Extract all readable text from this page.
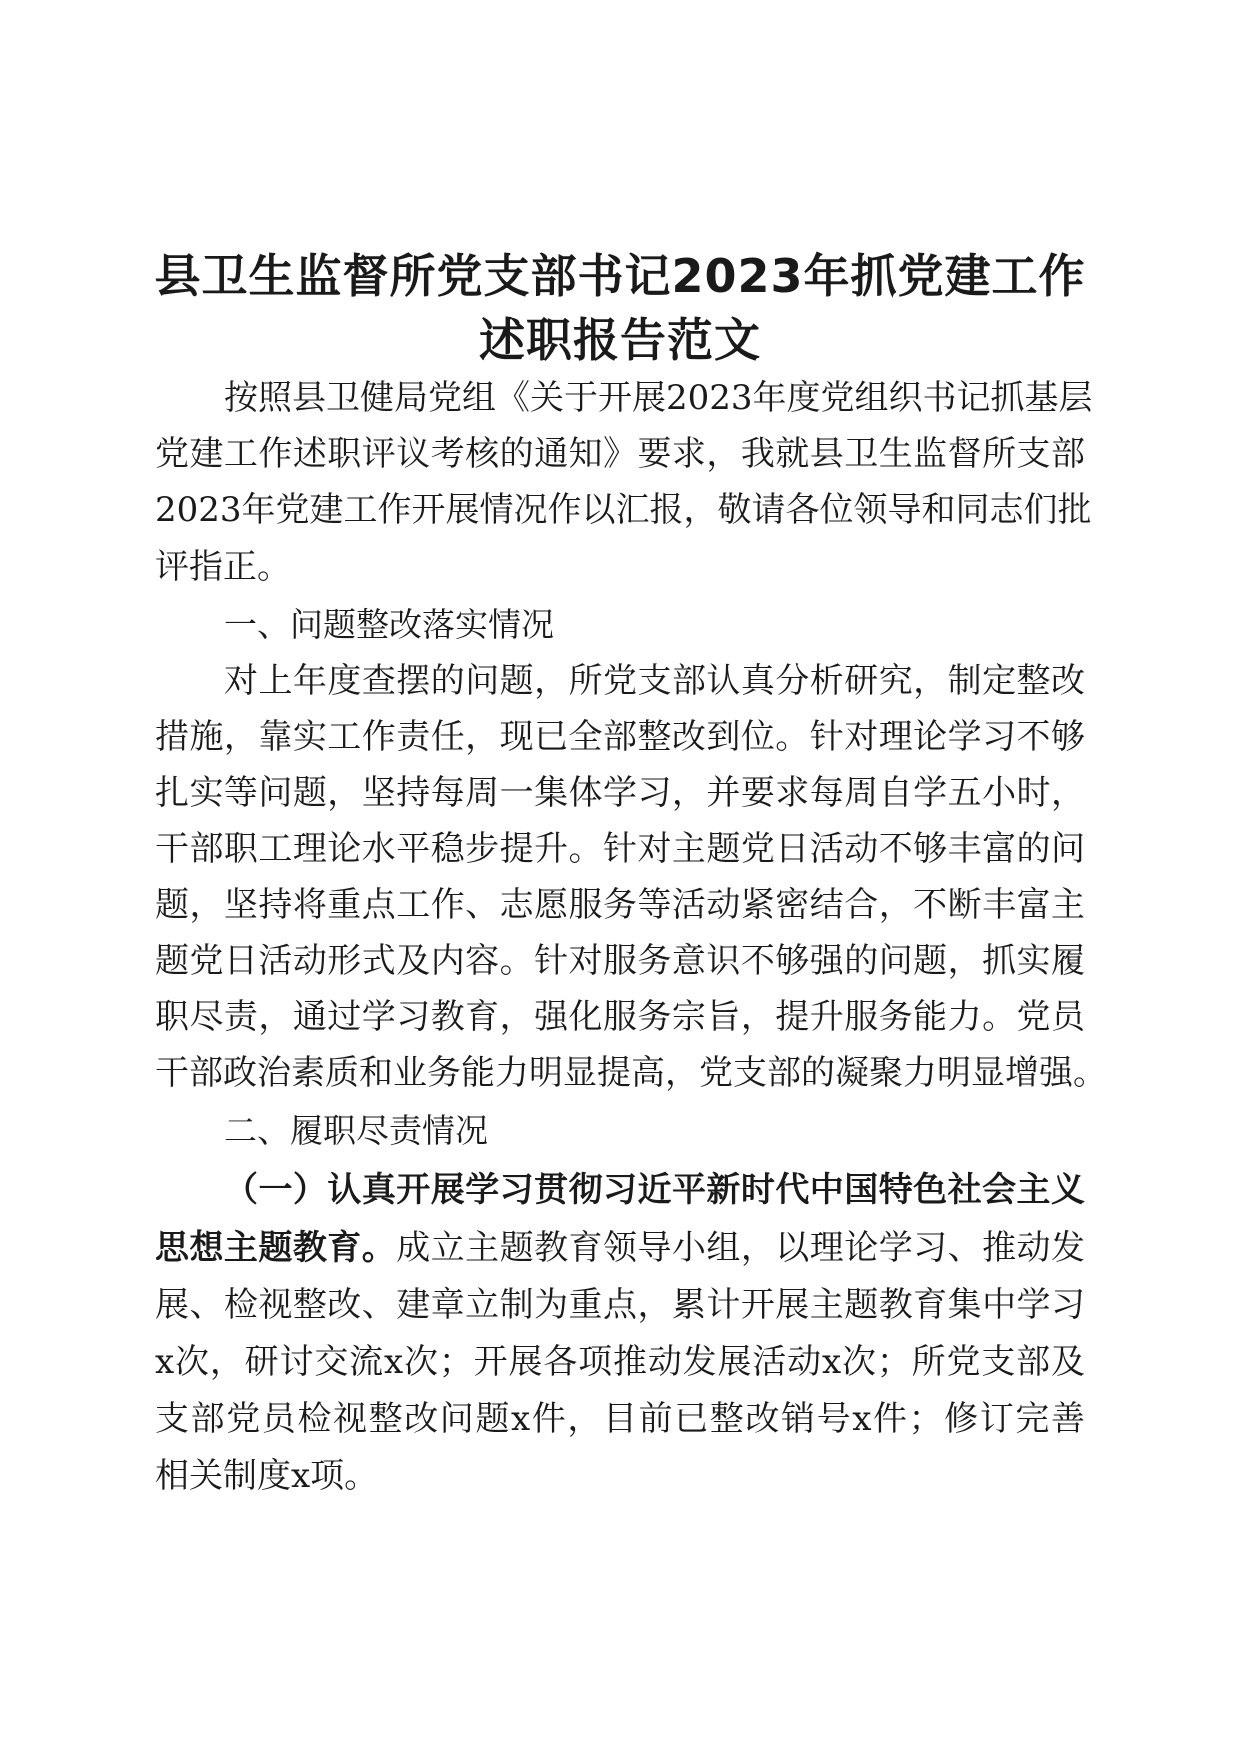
县卫生监督所党支部书记2023年抓党建工作
述职报告范文
按照县卫健局党组《关于开展2023年度党组织书记抓基层
党建工作述职评议考核的通知》要求，我就县卫生监督所支部
2023年党建工作开展情况作以汇报，敬请各位领导和同志们批
评指正。
一、问题整改落实情况
对上年度查摆的问题，所党支部认真分析研究，制定整改
措施，靠实工作责任，现已全部整改到位。针对理论学习不够
扎实等问题，坚持每周一集体学习，并要求每周自学五小时，
干部职工理论水平稳步提升。针对主题党日活动不够丰富的问
题，坚持将重点工作、志愿服务等活动紧密结合，不断丰富主
题党日活动形式及内容。针对服务意识不够强的问题，抓实履
职尽责，通过学习教育，强化服务宗旨，提升服务能力。党员
干部政治素质和业务能力明显提高，党支部的凝聚力明显增强。
二、履职尽责情况
（一）认真开展学习贯彻习近平新时代中国特色社会主义
思想主题教育。成立主题教育领导小组，以理论学习、推动发
展、检视整改、建章立制为重点，累计开展主题教育集中学习
x次，研讨交流x次；开展各项推动发展活动x次；所党支部及
支部党员检视整改问题x件，目前已整改销号x件；修订完善
相关制度x项。
